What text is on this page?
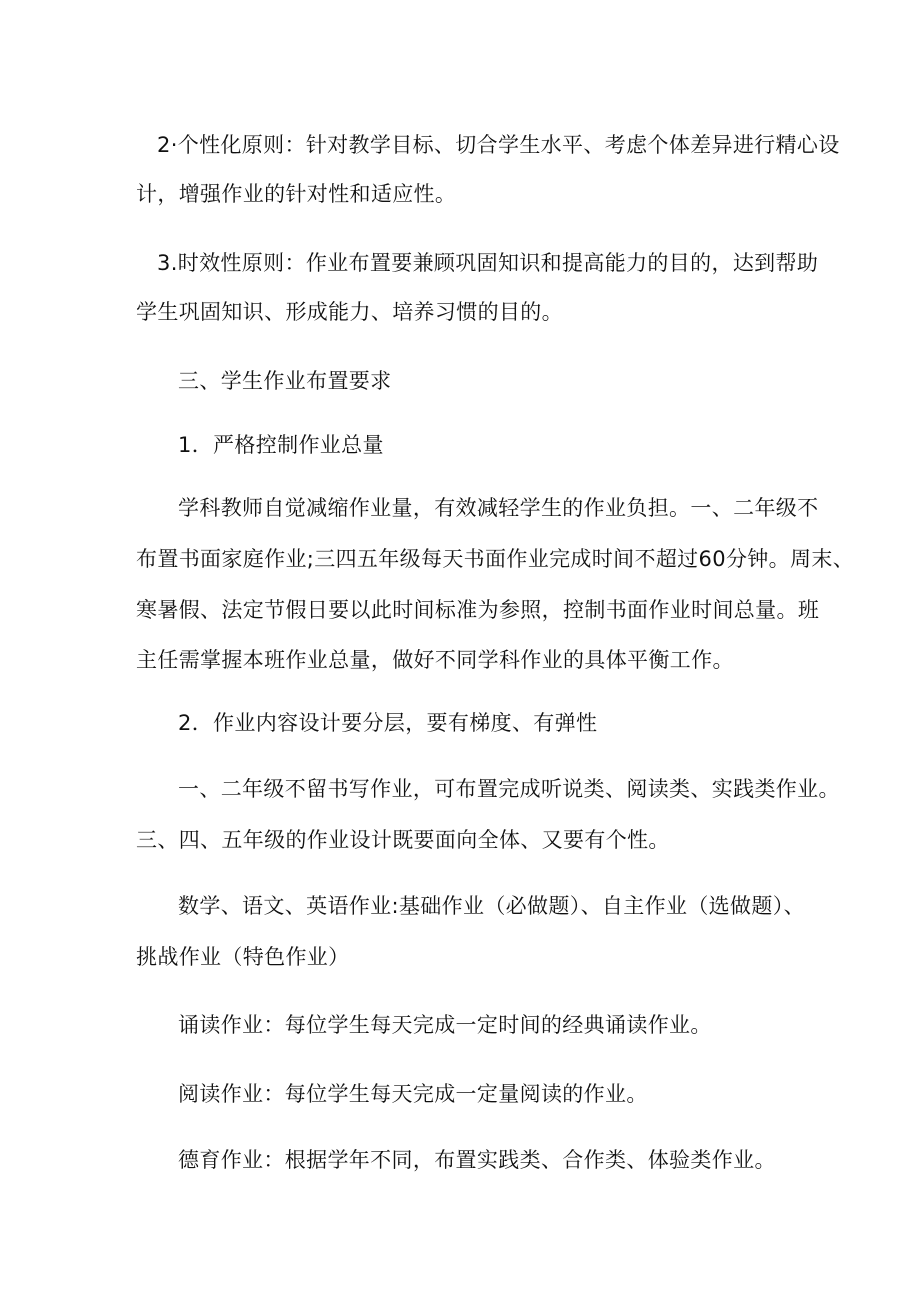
2·个性化原则：针对教学目标、切合学生水平、考虑个体差异进行精心设
计，增强作业的针对性和适应性。
3.时效性原则：作业布置要兼顾巩固知识和提高能力的目的，达到帮助
学生巩固知识、形成能力、培养习惯的目的。
三、学生作业布置要求
1．严格控制作业总量
学科教师自觉减缩作业量，有效减轻学生的作业负担。一、二年级不
布置书面家庭作业;三四五年级每天书面作业完成时间不超过60分钟。周末、
寒暑假、法定节假日要以此时间标准为参照，控制书面作业时间总量。班
主任需掌握本班作业总量，做好不同学科作业的具体平衡工作。
2．作业内容设计要分层，要有梯度、有弹性
一、二年级不留书写作业，可布置完成听说类、阅读类、实践类作业。
三、四、五年级的作业设计既要面向全体、又要有个性。
数学、语文、英语作业:基础作业（必做题）、自主作业（选做题）、
挑战作业（特色作业）
诵读作业：每位学生每天完成一定时间的经典诵读作业。
阅读作业：每位学生每天完成一定量阅读的作业。
德育作业：根据学年不同，布置实践类、合作类、体验类作业。
